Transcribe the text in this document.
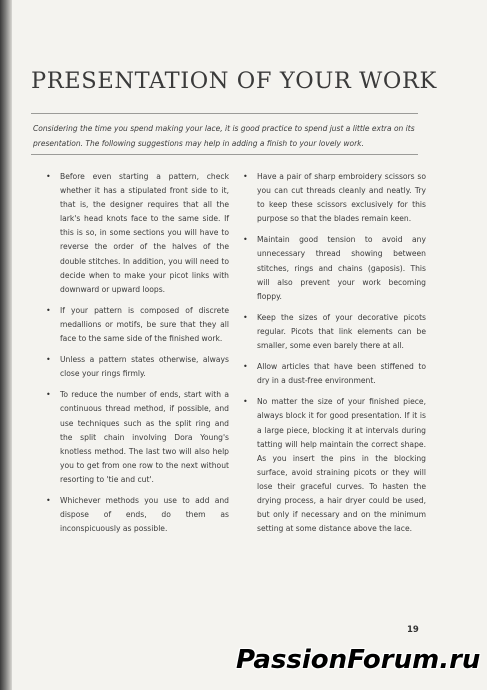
PRESENTATION OF YOUR WORK

Considering the time you spend making your lace, it is good practice to spend just a little extra on its presentation. The following suggestions may help in adding a finish to your lovely work.

• Before even starting a pattern, check whether it has a stipulated front side to it, that is, the designer requires that all the lark's head knots face to the same side. If this is so, in some sections you will have to reverse the order of the halves of the double stitches. In addition, you will need to decide when to make your picot links with downward or upward loops.
• If your pattern is composed of discrete medallions or motifs, be sure that they all face to the same side of the finished work.
• Unless a pattern states otherwise, always close your rings firmly.
• To reduce the number of ends, start with a continuous thread method, if possible, and use techniques such as the split ring and the split chain involving Dora Young's knotless method. The last two will also help you to get from one row to the next without resorting to 'tie and cut'.
• Whichever methods you use to add and dispose of ends, do them as inconspicuously as possible.
• Have a pair of sharp embroidery scissors so you can cut threads cleanly and neatly. Try to keep these scissors exclusively for this purpose so that the blades remain keen.
• Maintain good tension to avoid any unnecessary thread showing between stitches, rings and chains (gaposis). This will also prevent your work becoming floppy.
• Keep the sizes of your decorative picots regular. Picots that link elements can be smaller, some even barely there at all.
• Allow articles that have been stiffened to dry in a dust-free environment.
• No matter the size of your finished piece, always block it for good presentation. If it is a large piece, blocking it at intervals during tatting will help maintain the correct shape. As you insert the pins in the blocking surface, avoid straining picots or they will lose their graceful curves. To hasten the drying process, a hair dryer could be used, but only if necessary and on the minimum setting at some distance above the lace.
19
PassionForum.ru
